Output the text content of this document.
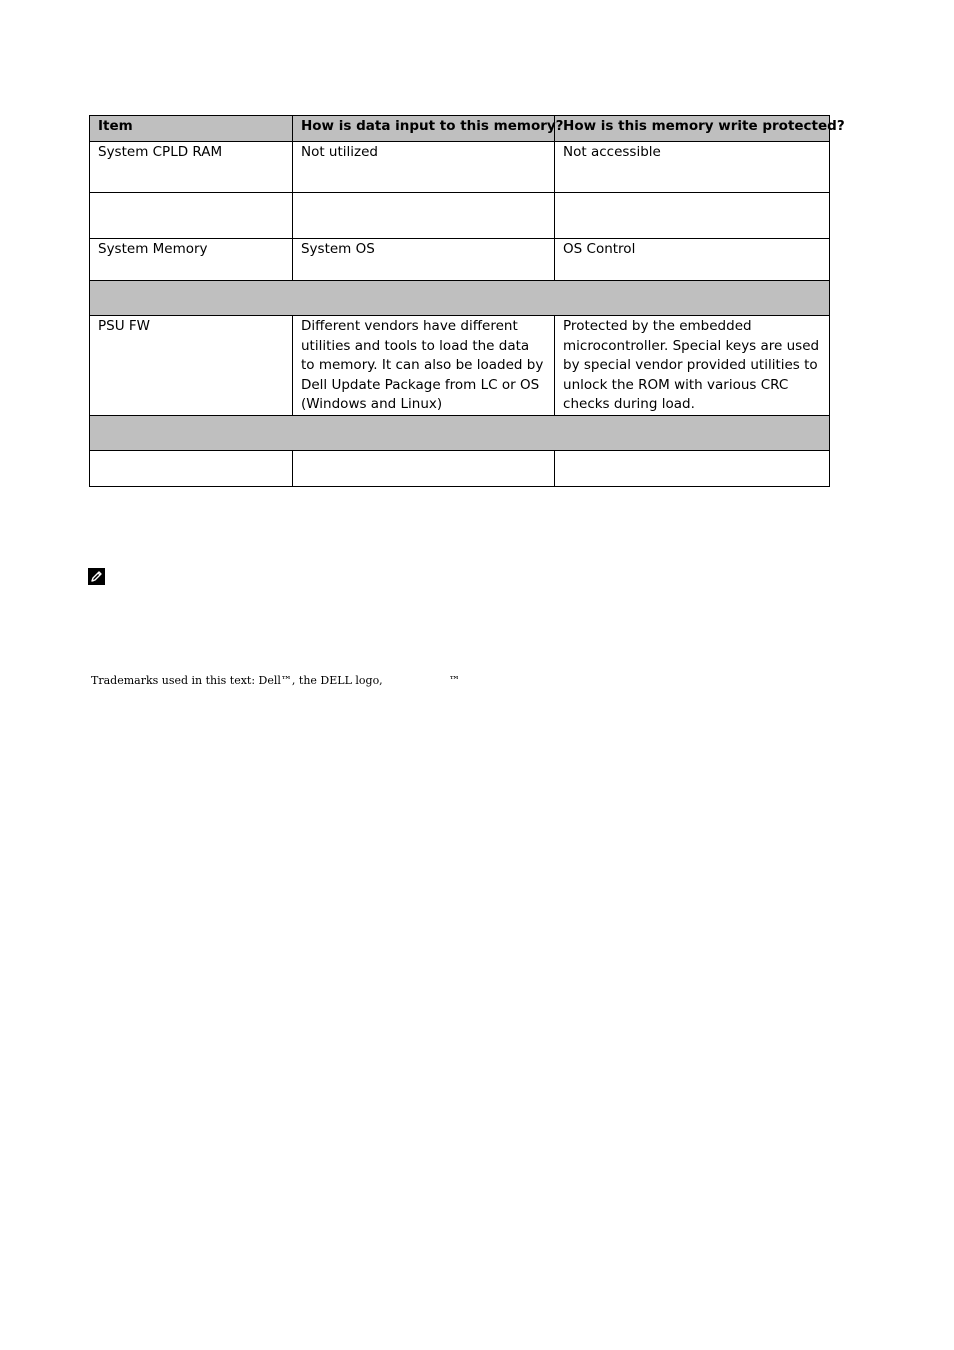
Item	How is data input to this memory?	How is this memory write protected?
System CPLD RAM	Not utilized	Not accessible

System Memory	System OS	OS Control

PSU FW	Different vendors have different utilities and tools to load the data to memory. It can also be loaded by Dell Update Package from LC or OS (Windows and Linux)	Protected by the embedded microcontroller. Special keys are used by special vendor provided utilities to unlock the ROM with various CRC checks during load.

Trademarks used in this text: Dell™, the DELL logo,	™
